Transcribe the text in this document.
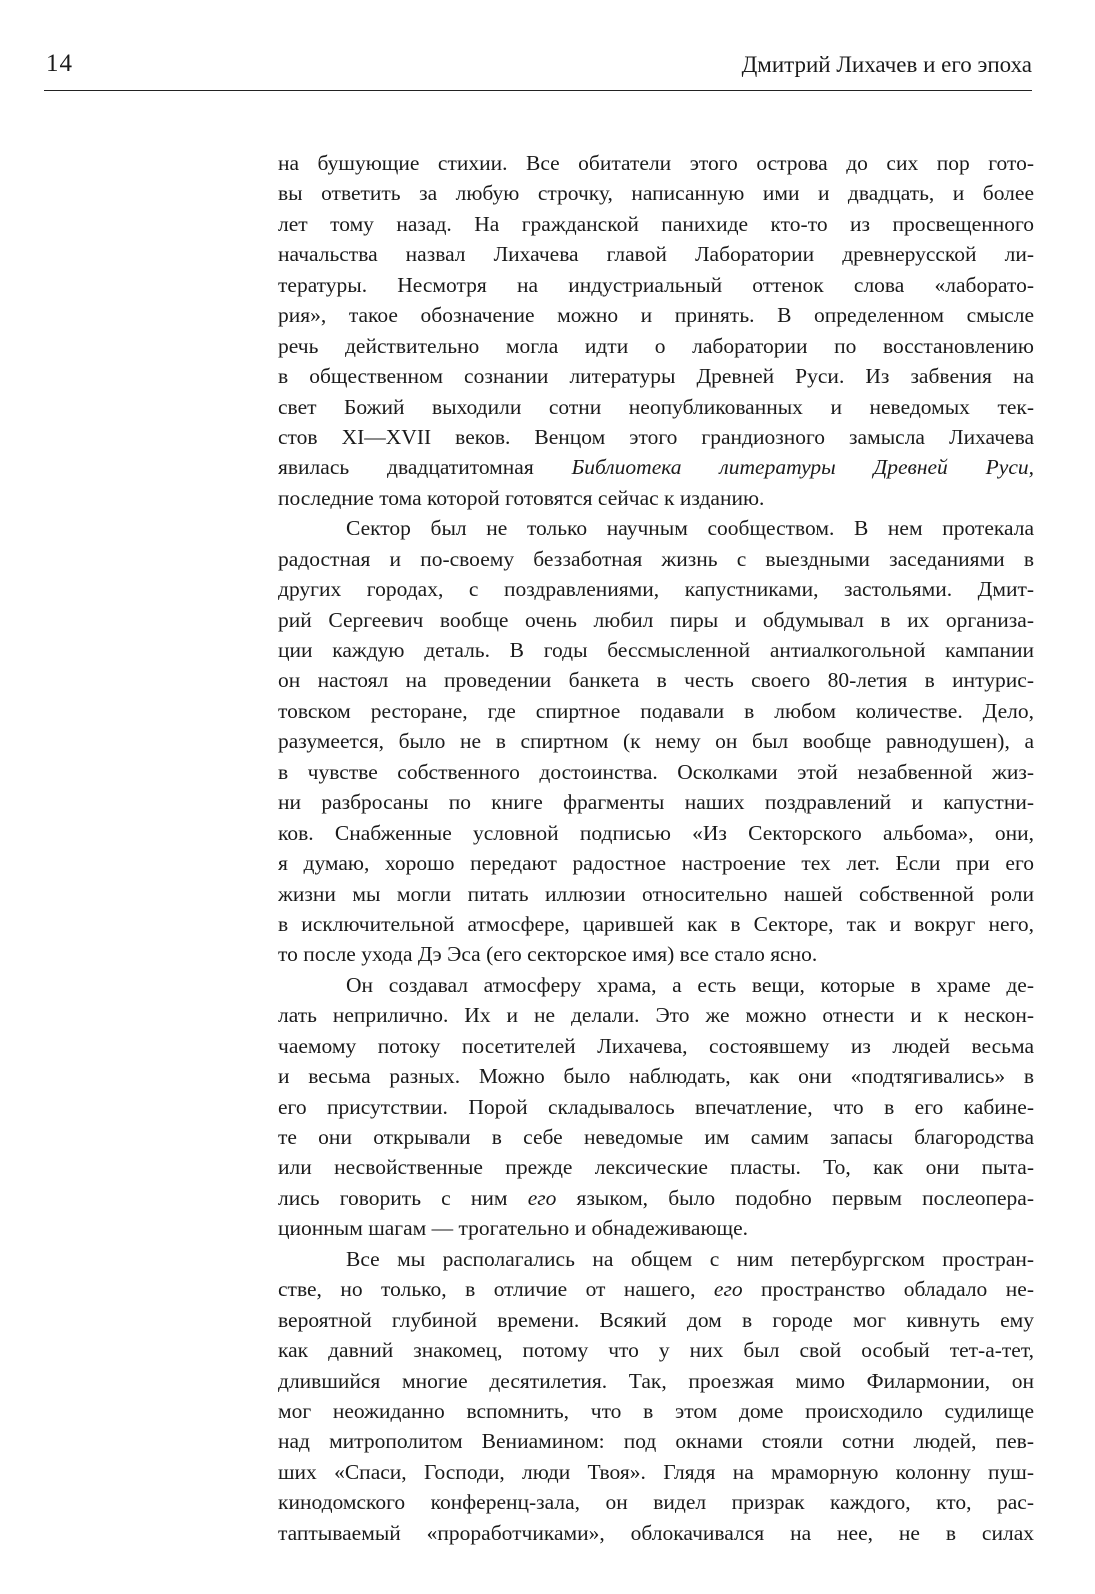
14	Дмитрий Лихачев и его эпоха
на бушующие стихии. Все обитатели этого острова до сих пор гото-
вы ответить за любую строчку, написанную ими и двадцать, и более
лет тому назад. На гражданской панихиде кто-то из просвещенного
начальства назвал Лихачева главой Лаборатории древнерусской ли-
тературы. Несмотря на индустриальный оттенок слова «лаборато-
рия», такое обозначение можно и принять. В определенном смысле
речь действительно могла идти о лаборатории по восстановлению
в общественном сознании литературы Древней Руси. Из забвения на
свет Божий выходили сотни неопубликованных и неведомых тек-
стов XI—XVII веков. Венцом этого грандиозного замысла Лихачева
явилась двадцатитомная Библиотека литературы Древней Руси,
последние тома которой готовятся сейчас к изданию.
Сектор был не только научным сообществом. В нем протекала
радостная и по-своему беззаботная жизнь с выездными заседаниями в
других городах, с поздравлениями, капустниками, застольями. Дмит-
рий Сергеевич вообще очень любил пиры и обдумывал в их организа-
ции каждую деталь. В годы бессмысленной антиалкогольной кампании
он настоял на проведении банкета в честь своего 80-летия в интурис-
товском ресторане, где спиртное подавали в любом количестве. Дело,
разумеется, было не в спиртном (к нему он был вообще равнодушен), а
в чувстве собственного достоинства. Осколками этой незабвенной жиз-
ни разбросаны по книге фрагменты наших поздравлений и капустни-
ков. Снабженные условной подписью «Из Секторского альбома», они,
я думаю, хорошо передают радостное настроение тех лет. Если при его
жизни мы могли питать иллюзии относительно нашей собственной роли
в исключительной атмосфере, царившей как в Секторе, так и вокруг него,
то после ухода Дэ Эса (его секторское имя) все стало ясно.
Он создавал атмосферу храма, а есть вещи, которые в храме де-
лать неприлично. Их и не делали. Это же можно отнести и к нескон-
чаемому потоку посетителей Лихачева, состоявшему из людей весьма
и весьма разных. Можно было наблюдать, как они «подтягивались» в
его присутствии. Порой складывалось впечатление, что в его кабине-
те они открывали в себе неведомые им самим запасы благородства
или несвойственные прежде лексические пласты. То, как они пыта-
лись говорить с ним его языком, было подобно первым послеопера-
ционным шагам — трогательно и обнадеживающе.
Все мы располагались на общем с ним петербургском простран-
стве, но только, в отличие от нашего, его пространство обладало не-
вероятной глубиной времени. Всякий дом в городе мог кивнуть ему
как давний знакомец, потому что у них был свой особый тет-а-тет,
длившийся многие десятилетия. Так, проезжая мимо Филармонии, он
мог неожиданно вспомнить, что в этом доме происходило судилище
над митрополитом Вениамином: под окнами стояли сотни людей, пев-
ших «Спаси, Господи, люди Твоя». Глядя на мраморную колонну пуш-
кинодомского конференц-зала, он видел призрак каждого, кто, рас-
таптываемый «проработчиками», облокачивался на нее, не в силах
